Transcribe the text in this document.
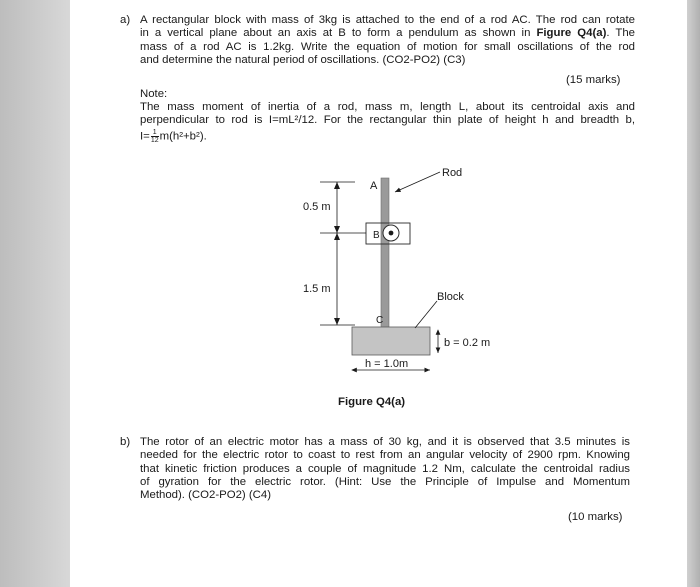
a) A rectangular block with mass of 3kg is attached to the end of a rod AC. The rod can rotate
in a vertical plane about an axis at B to form a pendulum as shown in Figure Q4(a). The
mass of a rod AC is 1.2kg. Write the equation of motion for small oscillations of the rod
and determine the natural period of oscillations. (CO2-PO2) (C3)
(15 marks)
Note:
The mass moment of inertia of a rod, mass m, length L, about its centroidal axis and
perpendicular to rod is I=mL²/12. For the rectangular thin plate of height h and breadth b,
$I= \frac{1}{12} m(h^2+b^2)$.
0.5 m
1.5 m
A
B
C
Rod
Block
b = 0.2 m
h = 1.0m
Figure Q4(a)
b) The rotor of an electric motor has a mass of 30 kg, and it is observed that 3.5 minutes is
needed for the electric rotor to coast to rest from an angular velocity of 2900 rpm. Knowing
that kinetic friction produces a couple of magnitude 1.2 Nm, calculate the centroidal radius
of gyration for the electric rotor. (Hint: Use the Principle of Impulse and Momentum
Method). (CO2-PO2) (C4)
(10 marks)
